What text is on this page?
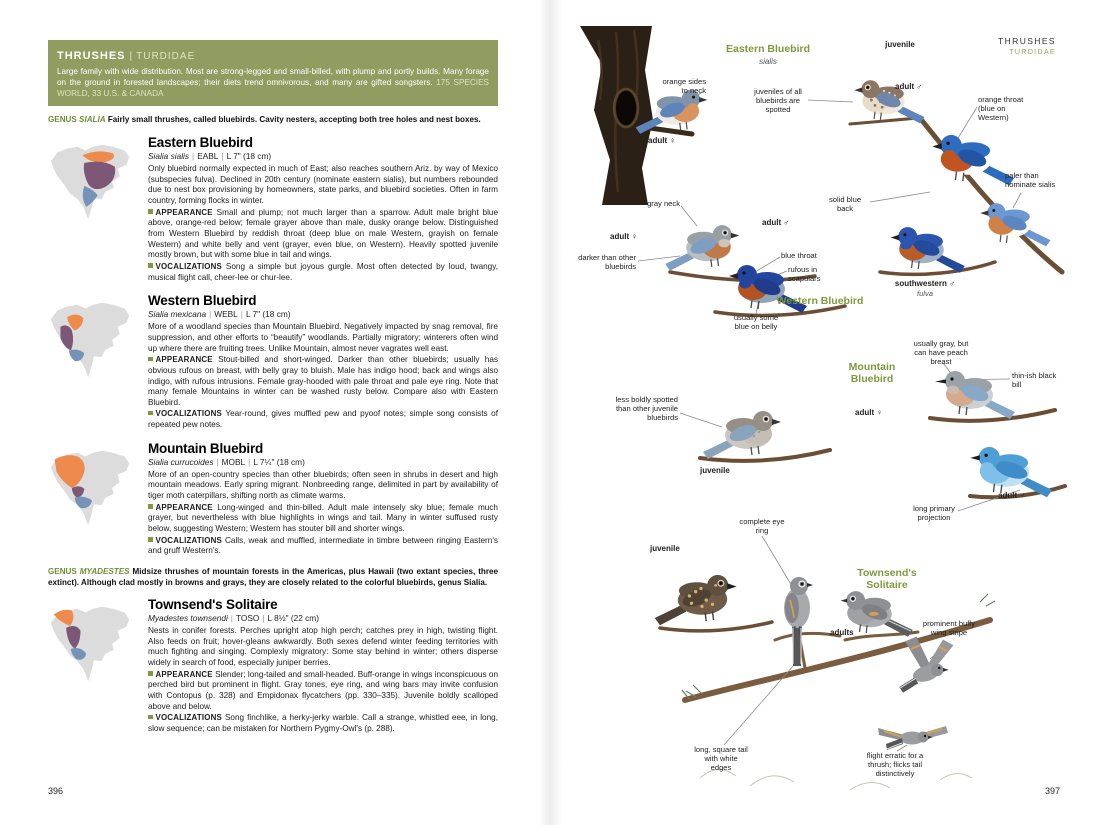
THRUSHES | TURDIDAE

Large family with wide distribution. Most are strong-legged and small-billed, with plump and portly builds. Many forage on the ground in forested landscapes; their diets trend omnivorous, and many are gifted songsters. 175 SPECIES WORLD, 33 U.S. & CANADA

GENUS SIALIA Fairly small thrushes, called bluebirds. Cavity nesters, accepting both tree holes and nest boxes.

Eastern Bluebird

Sialia sialis | EABL | L 7" (18 cm)

Only bluebird normally expected in much of East; also reaches southern Ariz. by way of Mexico (subspecies fulva). Declined in 20th century (nominate eastern sialis), but numbers rebounded due to nest box provisioning by homeowners, state parks, and bluebird societies. Often in farm country, forming flocks in winter.

APPEARANCE Small and plump; not much larger than a sparrow. Adult male bright blue above, orange-red below; female grayer above than male, dusky orange below. Distinguished from Western Bluebird by reddish throat (deep blue on male Western, grayish on female Western) and white belly and vent (grayer, even blue, on Western). Heavily spotted juvenile mostly brown, but with some blue in tail and wings.

VOCALIZATIONS Song a simple but joyous gurgle. Most often detected by loud, twangy, musical flight call, cheer-lee or chur-lee.

Western Bluebird

Sialia mexicana | WEBL | L 7" (18 cm)

More of a woodland species than Mountain Bluebird. Negatively impacted by snag removal, fire suppression, and other efforts to “beautify” woodlands. Partially migratory; winterers often wind up where there are fruiting trees. Unlike Mountain, almost never vagrates well east.

APPEARANCE Stout-billed and short-winged. Darker than other bluebirds; usually has obvious rufous on breast, with belly gray to bluish. Male has indigo hood; back and wings also indigo, with rufous intrusions. Female gray-hooded with pale throat and pale eye ring. Note that many female Mountains in winter can be washed rusty below. Compare also with Eastern Bluebird.

VOCALIZATIONS Year-round, gives muffled pew and pyoof notes; simple song consists of repeated pew notes.

Mountain Bluebird

Sialia currucoides | MOBL | L 7¼" (18 cm)

More of an open-country species than other bluebirds; often seen in shrubs in desert and high mountain meadows. Early spring migrant. Nonbreeding range, delimited in part by availability of tiger moth caterpillars, shifting north as climate warms.

APPEARANCE Long-winged and thin-billed. Adult male intensely sky blue; female much grayer, but nevertheless with blue highlights in wings and tail. Many in winter suffused rusty below, suggesting Western; Western has stouter bill and shorter wings.

VOCALIZATIONS Calls, weak and muffled, intermediate in timbre between ringing Eastern's and gruff Western's.

GENUS MYADESTES Midsize thrushes of mountain forests in the Americas, plus Hawaii (two extant species, three extinct). Although clad mostly in browns and grays, they are closely related to the colorful bluebirds, genus Sialia.

Townsend's Solitaire

Myadestes townsendi | TOSO | L 8½" (22 cm)

Nests in conifer forests. Perches upright atop high perch; catches prey in high, twisting flight. Also feeds on fruit; hover-gleans awkwardly. Both sexes defend winter feeding territories with much fighting and singing. Complexly migratory: Some stay behind in winter; others disperse widely in search of food, especially juniper berries.

APPEARANCE Slender; long-tailed and small-headed. Buff-orange in wings inconspicuous on perched bird but prominent in flight. Gray tones, eye ring, and wing bars may invite confusion with Contopus (p. 328) and Empidonax flycatchers (pp. 330–335). Juvenile boldly scalloped above and below.

VOCALIZATIONS Song finchlike, a herky-jerky warble. Call a strange, whistled eee, in long, slow sequence; can be mistaken for Northern Pygmy-Owl's (p. 288).

396
THRUSHES
TURDIDAE
Eastern Bluebird
sialis
Western Bluebird
Mountain Bluebird
Townsend's Solitaire
juvenile
adult ♂
orange sides to neck	juveniles of all bluebirds are spotted
orange throat (blue on Western)
adult ♀
paler than nominate sialis
solid blue back
gray neck
adult ♂
adult ♀
darker than other bluebirds
blue throat
rufous in scapulars
southwestern ♂
fulva
usually some blue on belly
usually gray, but can have peach breast
thin-ish black bill
less boldly spotted than other juvenile bluebirds
adult ♀
juvenile
adult ♂
long primary projection
complete eye ring
juvenile
adults
prominent buffy wing stripe
long, square tail with white edges
flight erratic for a thrush; flicks tail distinctively
397
